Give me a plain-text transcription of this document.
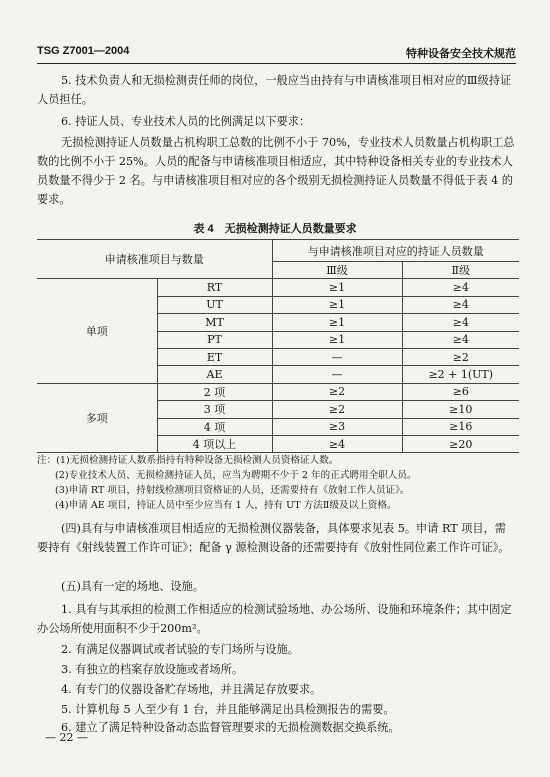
TSG Z7001—2004	特种设备安全技术规范
5. 技术负责人和无损检测责任师的岗位，一般应当由持有与申请核准项目相对应的Ⅲ级持证人员担任。
6. 持证人员、专业技术人员的比例满足以下要求：
无损检测持证人员数量占机构职工总数的比例不小于 70%，专业技术人员数量占机构职工总数的比例不小于 25%。人员的配备与申请核准项目相适应，其中特种设备相关专业的专业技术人员数量不得少于 2 名。与申请核准项目相对应的各个级别无损检测持证人员数量不得低于表 4 的要求。
表 4　无损检测持证人员数量要求
申请核准项目与数量		与申请核准项目对应的持证人员数量	
		Ⅲ级	Ⅱ级
单项	RT	≥1	≥4
	UT	≥1	≥4
	MT	≥1	≥4
	PT	≥1	≥4
	ET	—	≥2
	AE	—	≥2 + 1(UT)
多项	2 项	≥2	≥6
	3 项	≥2	≥10
	4 项	≥3	≥16
	4 项以上	≥4	≥20
注：(1)无损检测持证人数系指持有特种设备无损检测人员资格证人数。
(2)专业技术人员、无损检测持证人员，应当为聘期不少于 2 年的正式聘用全职人员。
(3)申请 RT 项目，持射线检测项目资格证的人员，还需要持有《放射工作人员证》。
(4)申请 AE 项目，持证人员中至少应当有 1 人，持有 UT 方法Ⅱ级及以上资格。
(四)具有与申请核准项目相适应的无损检测仪器装备，具体要求见表 5。申请 RT 项目，需要持有《射线装置工作许可证》；配备 γ 源检测设备的还需要持有《放射性同位素工作许可证》。
(五)具有一定的场地、设施。
1. 具有与其承担的检测工作相适应的检测试验场地、办公场所、设施和环境条件；其中固定办公场所使用面积不少于200m²。
2. 有满足仪器调试或者试验的专门场所与设施。
3. 有独立的档案存放设施或者场所。
4. 有专门的仪器设备贮存场地，并且满足存放要求。
5. 计算机每 5 人至少有 1 台，并且能够满足出具检测报告的需要。
6. 建立了满足特种设备动态监督管理要求的无损检测数据交换系统。
— 22 —
